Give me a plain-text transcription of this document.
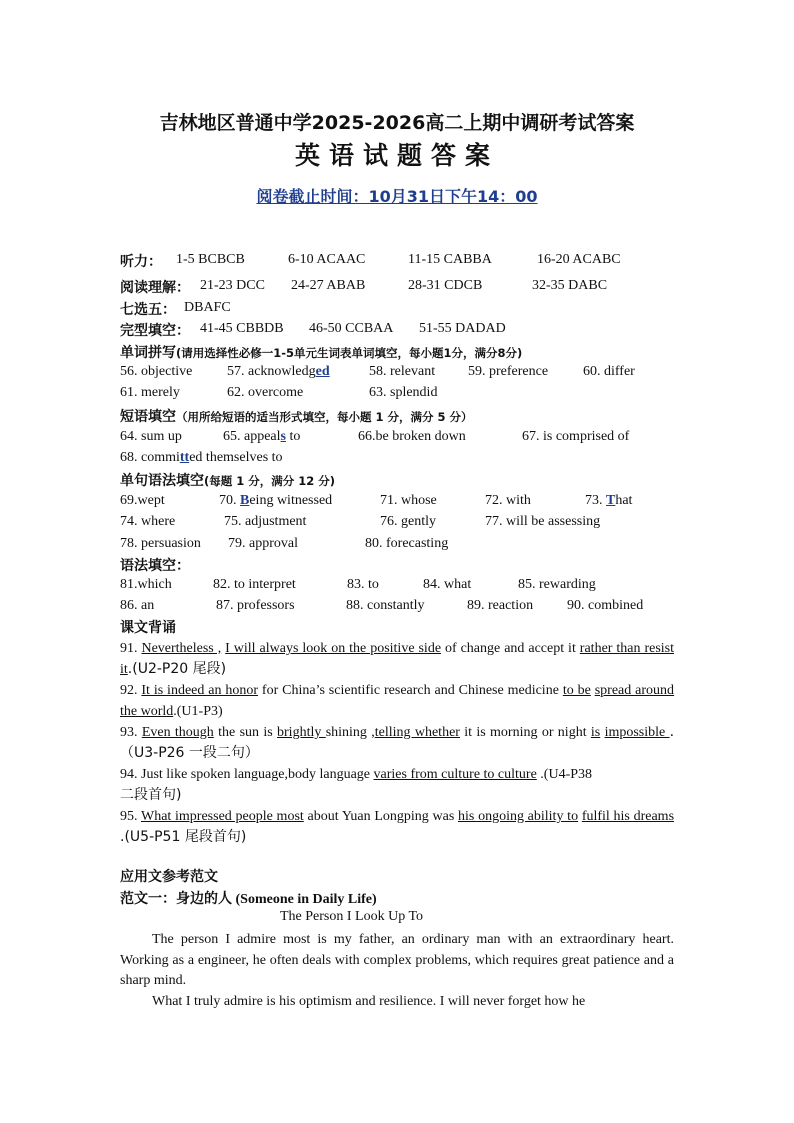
吉林地区普通中学2025-2026高二上期中调研考试答案
英语试题答案
阅卷截止时间：10月31日下午14：00
听力： 1-5 BCBCB	6-10 ACAAC	11-15 CABBA	16-20 ACABC
阅读理解： 21-23 DCC 24-27 ABAB	28-31 CDCB	32-35 DABC
七选五： DBAFC
完型填空： 41-45 CBBDB 46-50 CCBAA 51-55 DADAD
单词拼写(请用选择性必修一1-5单元生词表单词填空，每小题1分，满分8分)
56. objective 57. acknowledged	58. relevant 59. preference 60. differ
61. merely	62. overcome	63. splendid
短语填空（用所给短语的适当形式填空，每小题 1 分，满分 5 分）
64. sum up	65. appeals to	66.be broken down	67. is comprised of
68. committed themselves to
单句语法填空(每题 1 分，满分 12 分)
69.wept	70. Being witnessed	71. whose	72. with	73. That
74. where	75. adjustment	76. gently	77. will be assessing
78. persuasion 79. approval	80. forecasting
语法填空：
81.which	82. to interpret	83. to	84. what	85. rewarding
86. an	87. professors	88. constantly	89. reaction 90. combined
课文背诵
91. Nevertheless , I will always look on the positive side of change and accept it rather than resist it.(U2-P20 尾段)
92. It is indeed an honor for China’s scientific research and Chinese medicine to be spread around the world.(U1-P3)
93. Even though the sun is brightly shining ,telling whether it is morning or night is impossible . （U3-P26 一段二句）
94. Just like spoken language,body language varies from culture to culture .(U4-P38
二段首句)
95. What impressed people most about Yuan Longping was his ongoing ability to fulfil his dreams .(U5-P51 尾段首句)
应用文参考范文
范文一：身边的人 (Someone in Daily Life)
The Person I Look Up To
The person I admire most is my father, an ordinary man with an extraordinary heart. Working as a engineer, he often deals with complex problems, which requires great patience and a sharp mind.
What I truly admire is his optimism and resilience. I will never forget how he
